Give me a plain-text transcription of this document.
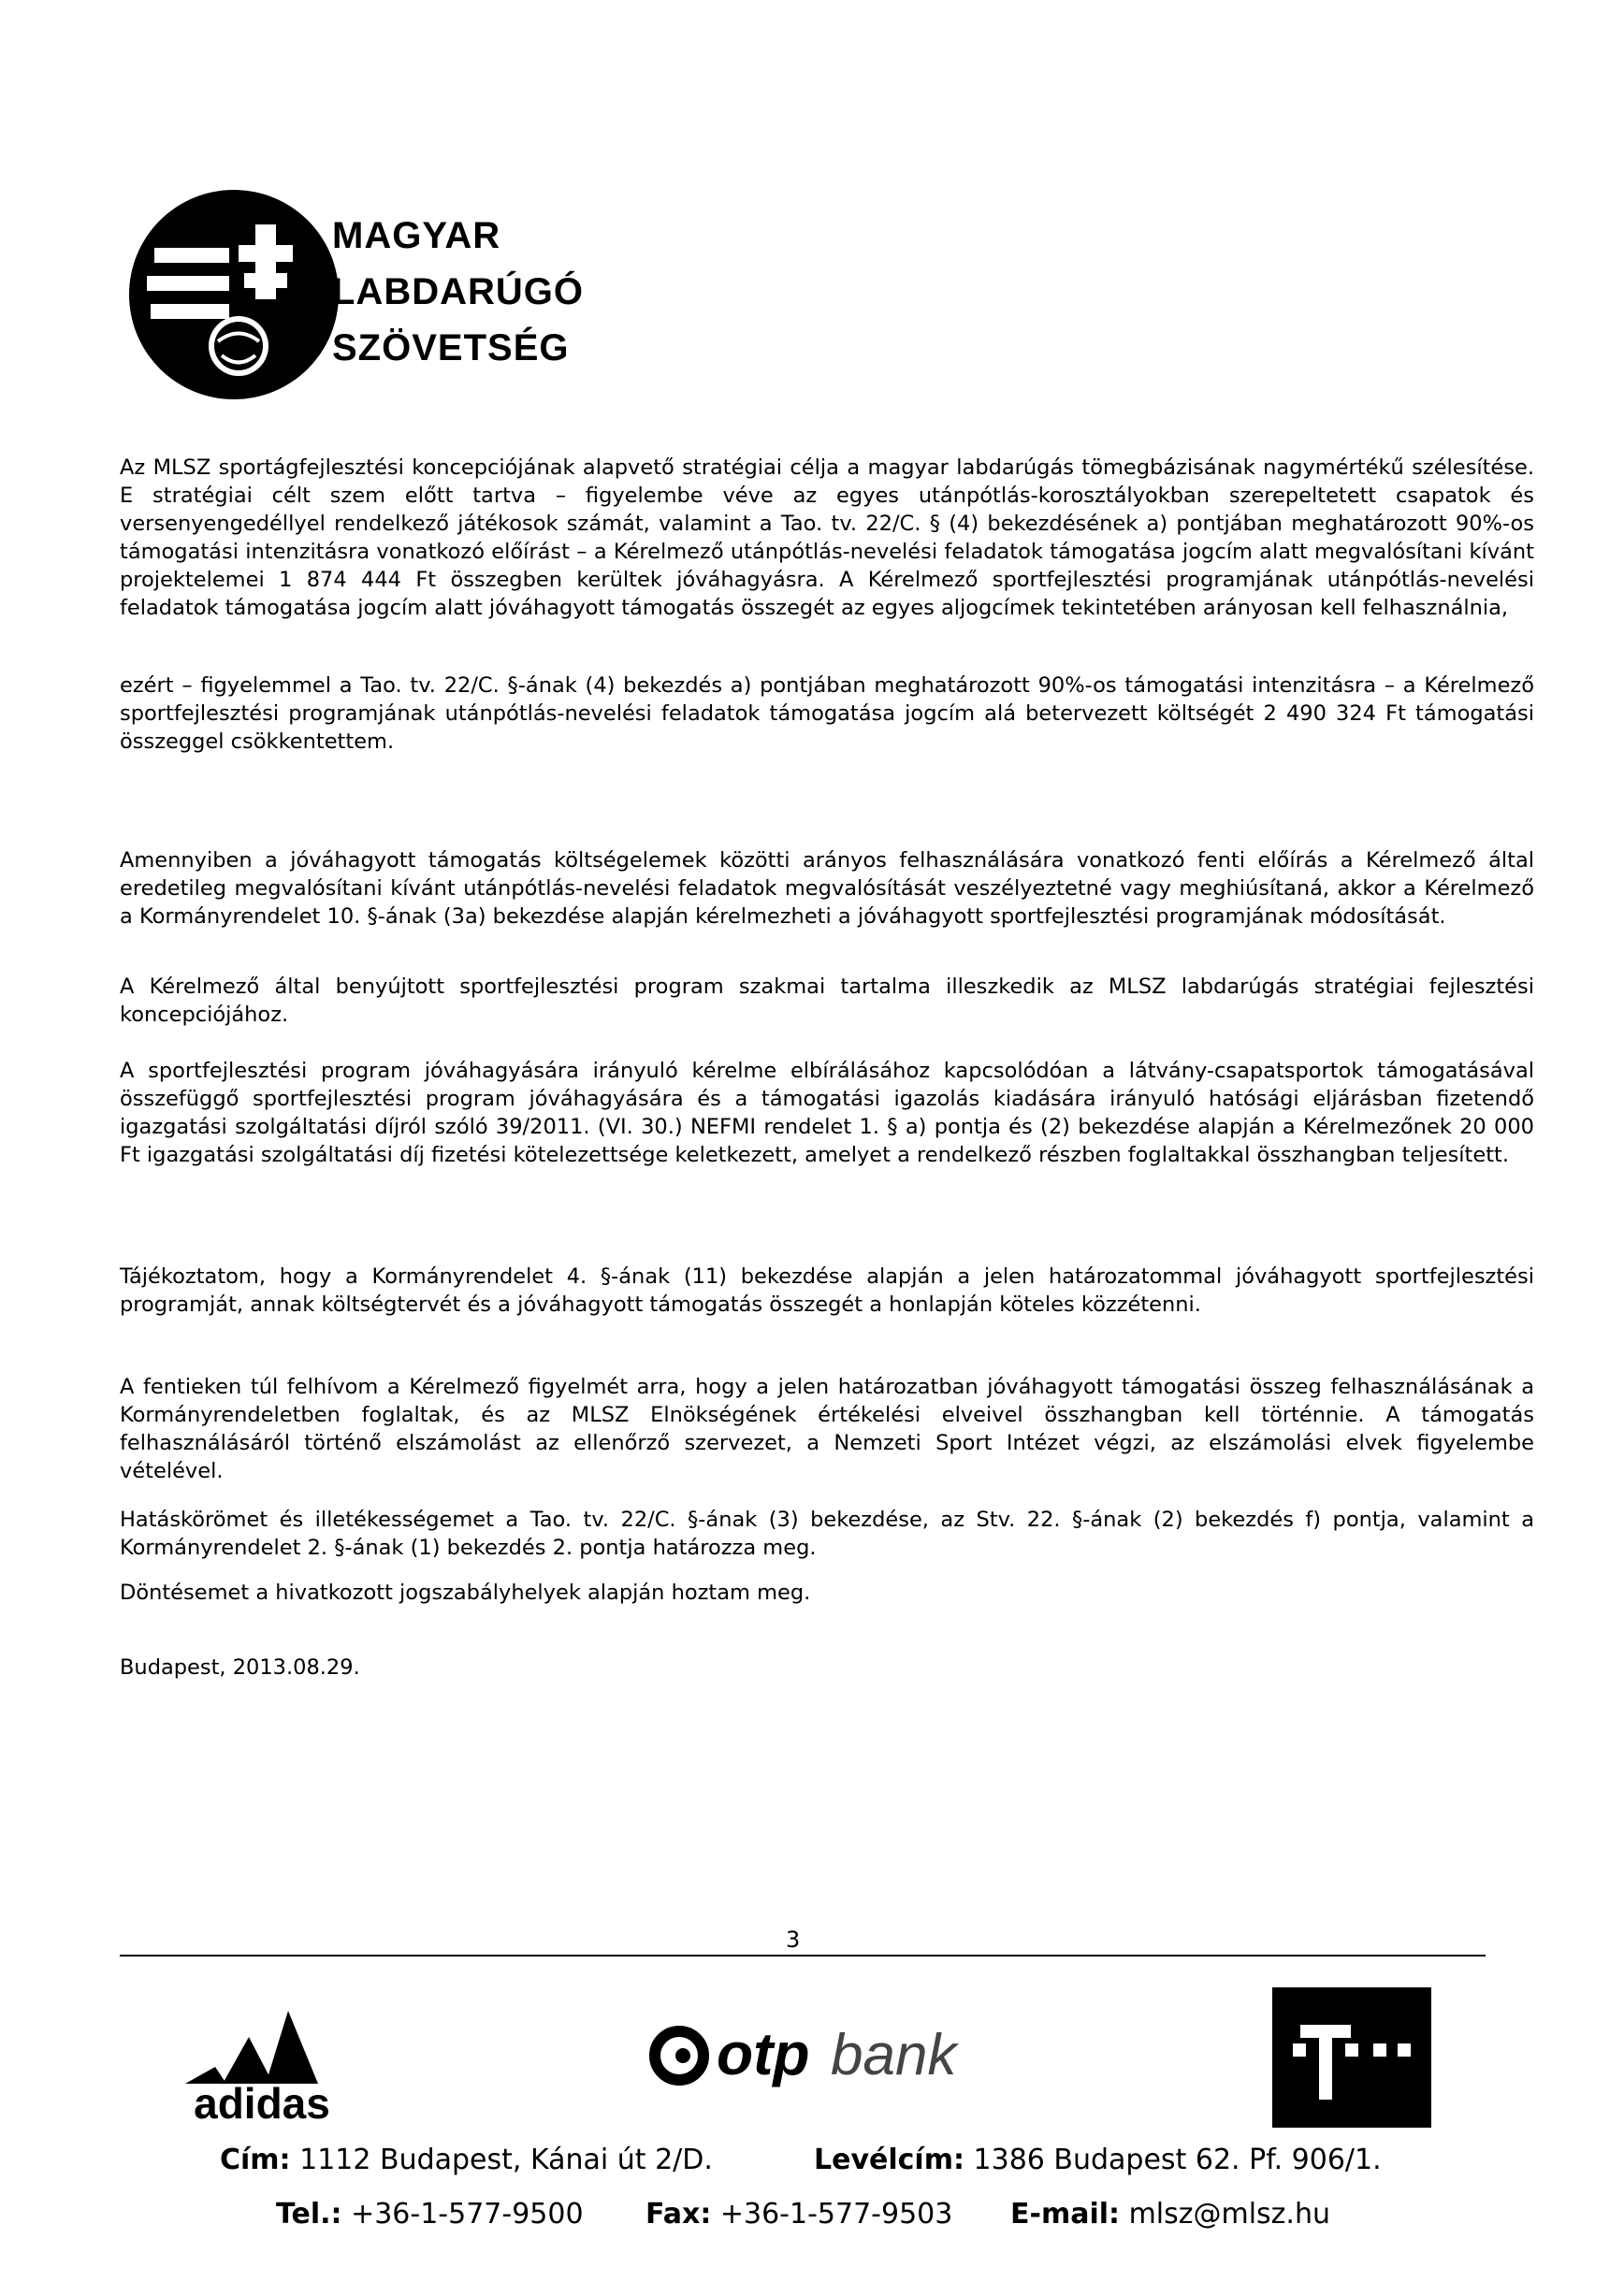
MAGYAR
LABDARÚGÓ
SZÖVETSÉG

Az MLSZ sportágfejlesztési koncepciójának alapvető stratégiai célja a magyar labdarúgás tömegbázisának nagymértékű szélesítése. E stratégiai célt szem előtt tartva – figyelembe véve az egyes utánpótlás-korosztályokban szerepeltetett csapatok és versenyengedéllyel rendelkező játékosok számát, valamint a Tao. tv. 22/C. § (4) bekezdésének a) pontjában meghatározott 90%-os támogatási intenzitásra vonatkozó előírást – a Kérelmező utánpótlás-nevelési feladatok támogatása jogcím alatt megvalósítani kívánt projektelemei 1 874 444 Ft összegben kerültek jóváhagyásra. A Kérelmező sportfejlesztési programjának utánpótlás-nevelési feladatok támogatása jogcím alatt jóváhagyott támogatás összegét az egyes aljogcímek tekintetében arányosan kell felhasználnia,

ezért – figyelemmel a Tao. tv. 22/C. §-ának (4) bekezdés a) pontjában meghatározott 90%-os támogatási intenzitásra – a Kérelmező sportfejlesztési programjának utánpótlás-nevelési feladatok támogatása jogcím alá betervezett költségét 2 490 324 Ft támogatási összeggel csökkentettem.

Amennyiben a jóváhagyott támogatás költségelemek közötti arányos felhasználására vonatkozó fenti előírás a Kérelmező által eredetileg megvalósítani kívánt utánpótlás-nevelési feladatok megvalósítását veszélyeztetné vagy meghiúsítaná, akkor a Kérelmező a Kormányrendelet 10. §-ának (3a) bekezdése alapján kérelmezheti a jóváhagyott sportfejlesztési programjának módosítását.

A Kérelmező által benyújtott sportfejlesztési program szakmai tartalma illeszkedik az MLSZ labdarúgás stratégiai fejlesztési koncepciójához.

A sportfejlesztési program jóváhagyására irányuló kérelme elbírálásához kapcsolódóan a látvány-csapatsportok támogatásával összefüggő sportfejlesztési program jóváhagyására és a támogatási igazolás kiadására irányuló hatósági eljárásban fizetendő igazgatási szolgáltatási díjról szóló 39/2011. (VI. 30.) NEFMI rendelet 1. § a) pontja és (2) bekezdése alapján a Kérelmezőnek 20 000 Ft igazgatási szolgáltatási díj fizetési kötelezettsége keletkezett, amelyet a rendelkező részben foglaltakkal összhangban teljesített.

Tájékoztatom, hogy a Kormányrendelet 4. §-ának (11) bekezdése alapján a jelen határozatommal jóváhagyott sportfejlesztési programját, annak költségtervét és a jóváhagyott támogatás összegét a honlapján köteles közzétenni.

A fentieken túl felhívom a Kérelmező figyelmét arra, hogy a jelen határozatban jóváhagyott támogatási összeg felhasználásának a Kormányrendeletben foglaltak, és az MLSZ Elnökségének értékelési elveivel összhangban kell történnie. A támogatás felhasználásáról történő elszámolást az ellenőrző szervezet, a Nemzeti Sport Intézet végzi, az elszámolási elvek figyelembe vételével.

Hatáskörömet és illetékességemet a Tao. tv. 22/C. §-ának (3) bekezdése, az Stv. 22. §-ának (2) bekezdés f) pontja, valamint a Kormányrendelet 2. §-ának (1) bekezdés 2. pontja határozza meg.

Döntésemet a hivatkozott jogszabályhelyek alapján hoztam meg.

Budapest, 2013.08.29.

3
adidas
otp bank
Cím: 1112 Budapest, Kánai út 2/D.	Levélcím: 1386 Budapest 62. Pf. 906/1.
Tel.: +36-1-577-9500 Fax: +36-1-577-9503 E-mail: mlsz@mlsz.hu
